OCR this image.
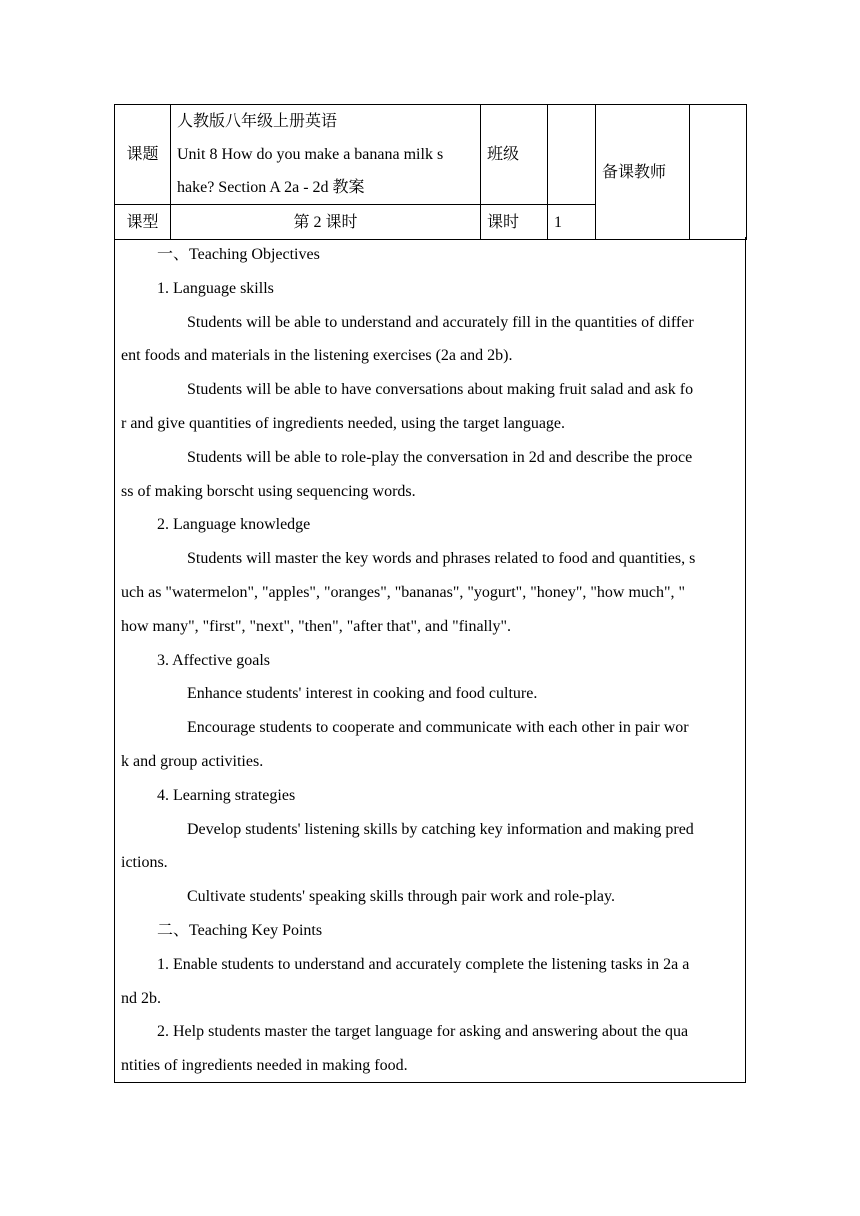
课题	人教版八年级上册英语
Unit 8 How do you make a banana milk s
hake? Section A 2a - 2d 教案	班级		备课教师	
课型	第 2 课时	课时	1		
一、Teaching Objectives
1. Language skills
Students will be able to understand and accurately fill in the quantities of differ
ent foods and materials in the listening exercises (2a and 2b).
Students will be able to have conversations about making fruit salad and ask fo
r and give quantities of ingredients needed, using the target language.
Students will be able to role-play the conversation in 2d and describe the proce
ss of making borscht using sequencing words.
2. Language knowledge
Students will master the key words and phrases related to food and quantities, s
uch as "watermelon", "apples", "oranges", "bananas", "yogurt", "honey", "how much", "
how many", "first", "next", "then", "after that", and "finally".
3. Affective goals
Enhance students' interest in cooking and food culture.
Encourage students to cooperate and communicate with each other in pair wor
k and group activities.
4. Learning strategies
Develop students' listening skills by catching key information and making pred
ictions.
Cultivate students' speaking skills through pair work and role-play.
二、Teaching Key Points
1. Enable students to understand and accurately complete the listening tasks in 2a a
nd 2b.
2. Help students master the target language for asking and answering about the qua
ntities of ingredients needed in making food.
